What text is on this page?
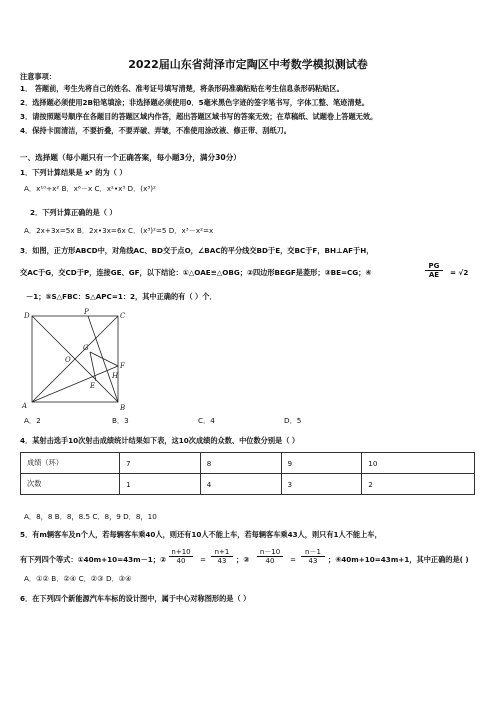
2022届山东省菏泽市定陶区中考数学模拟测试卷
注意事项：
1． 答题前，考生先将自己的姓名、准考证号填写清楚，将条形码准确粘贴在考生信息条形码粘贴区。
2．选择题必须使用2B铅笔填涂；非选择题必须使用0．5毫米黑色字迹的签字笔书写，字体工整、笔迹清楚。
3．请按照题号顺序在各题目的答题区域内作答，超出答题区域书写的答案无效；在草稿纸、试题卷上答题无效。
4．保持卡面清洁，不要折叠，不要弄破、弄皱，不准使用涂改液、修正带、刮纸刀。
一、选择题（每小题只有一个正确答案，每小题3分，满分30分）
1．下列计算结果是 x⁵ 的为（ ）
A．x¹⁰÷x² B．x⁶－x C．x²•x³ D．(x³)²
2．下列计算正确的是（ ）
A．2x+3x=5x B．2x•3x=6x C．(x³)²=5 D．x³－x²=x
3．如图，正方形ABCD中，对角线AC、BD交于点O，∠BAC的平分线交BD于E，交BC于F，BH⊥AF于H，
交AC于G，交CD于P，连接GE、GF，以下结论：①△OAE≌△OBG；②四边形BEGF是菱形；③BE=CG；④
PG
AE	= √2
－1；⑤S△FBC：S△APC=1：2，其中正确的有（ ）个．
A	B
C
D	P
G
O
F
H
E
A．2	B．3	C．4	D．5
4．某射击选手10次射击成绩统计结果如下表，这10次成绩的众数、中位数分别是（ ）
成绩（环）	7	8	9	10
次数	1	4	3	2
A．8，8 B．8，8.5 C．8，9 D．8，10
5．有m辆客车及n个人，若每辆客车乘40人，则还有10人不能上车，若每辆客车乘43人，则只有1人不能上车，
有下列四个等式：①40m+10=43m－1；②
n+10
40	=
n+1
43	；③
n－10
40	=
n－1
43	；④40m+10=43m+1，其中正确的是( )
A．①② B．②④ C．②③ D．③④
6．在下列四个新能源汽车车标的设计图中，属于中心对称图形的是（ ）
